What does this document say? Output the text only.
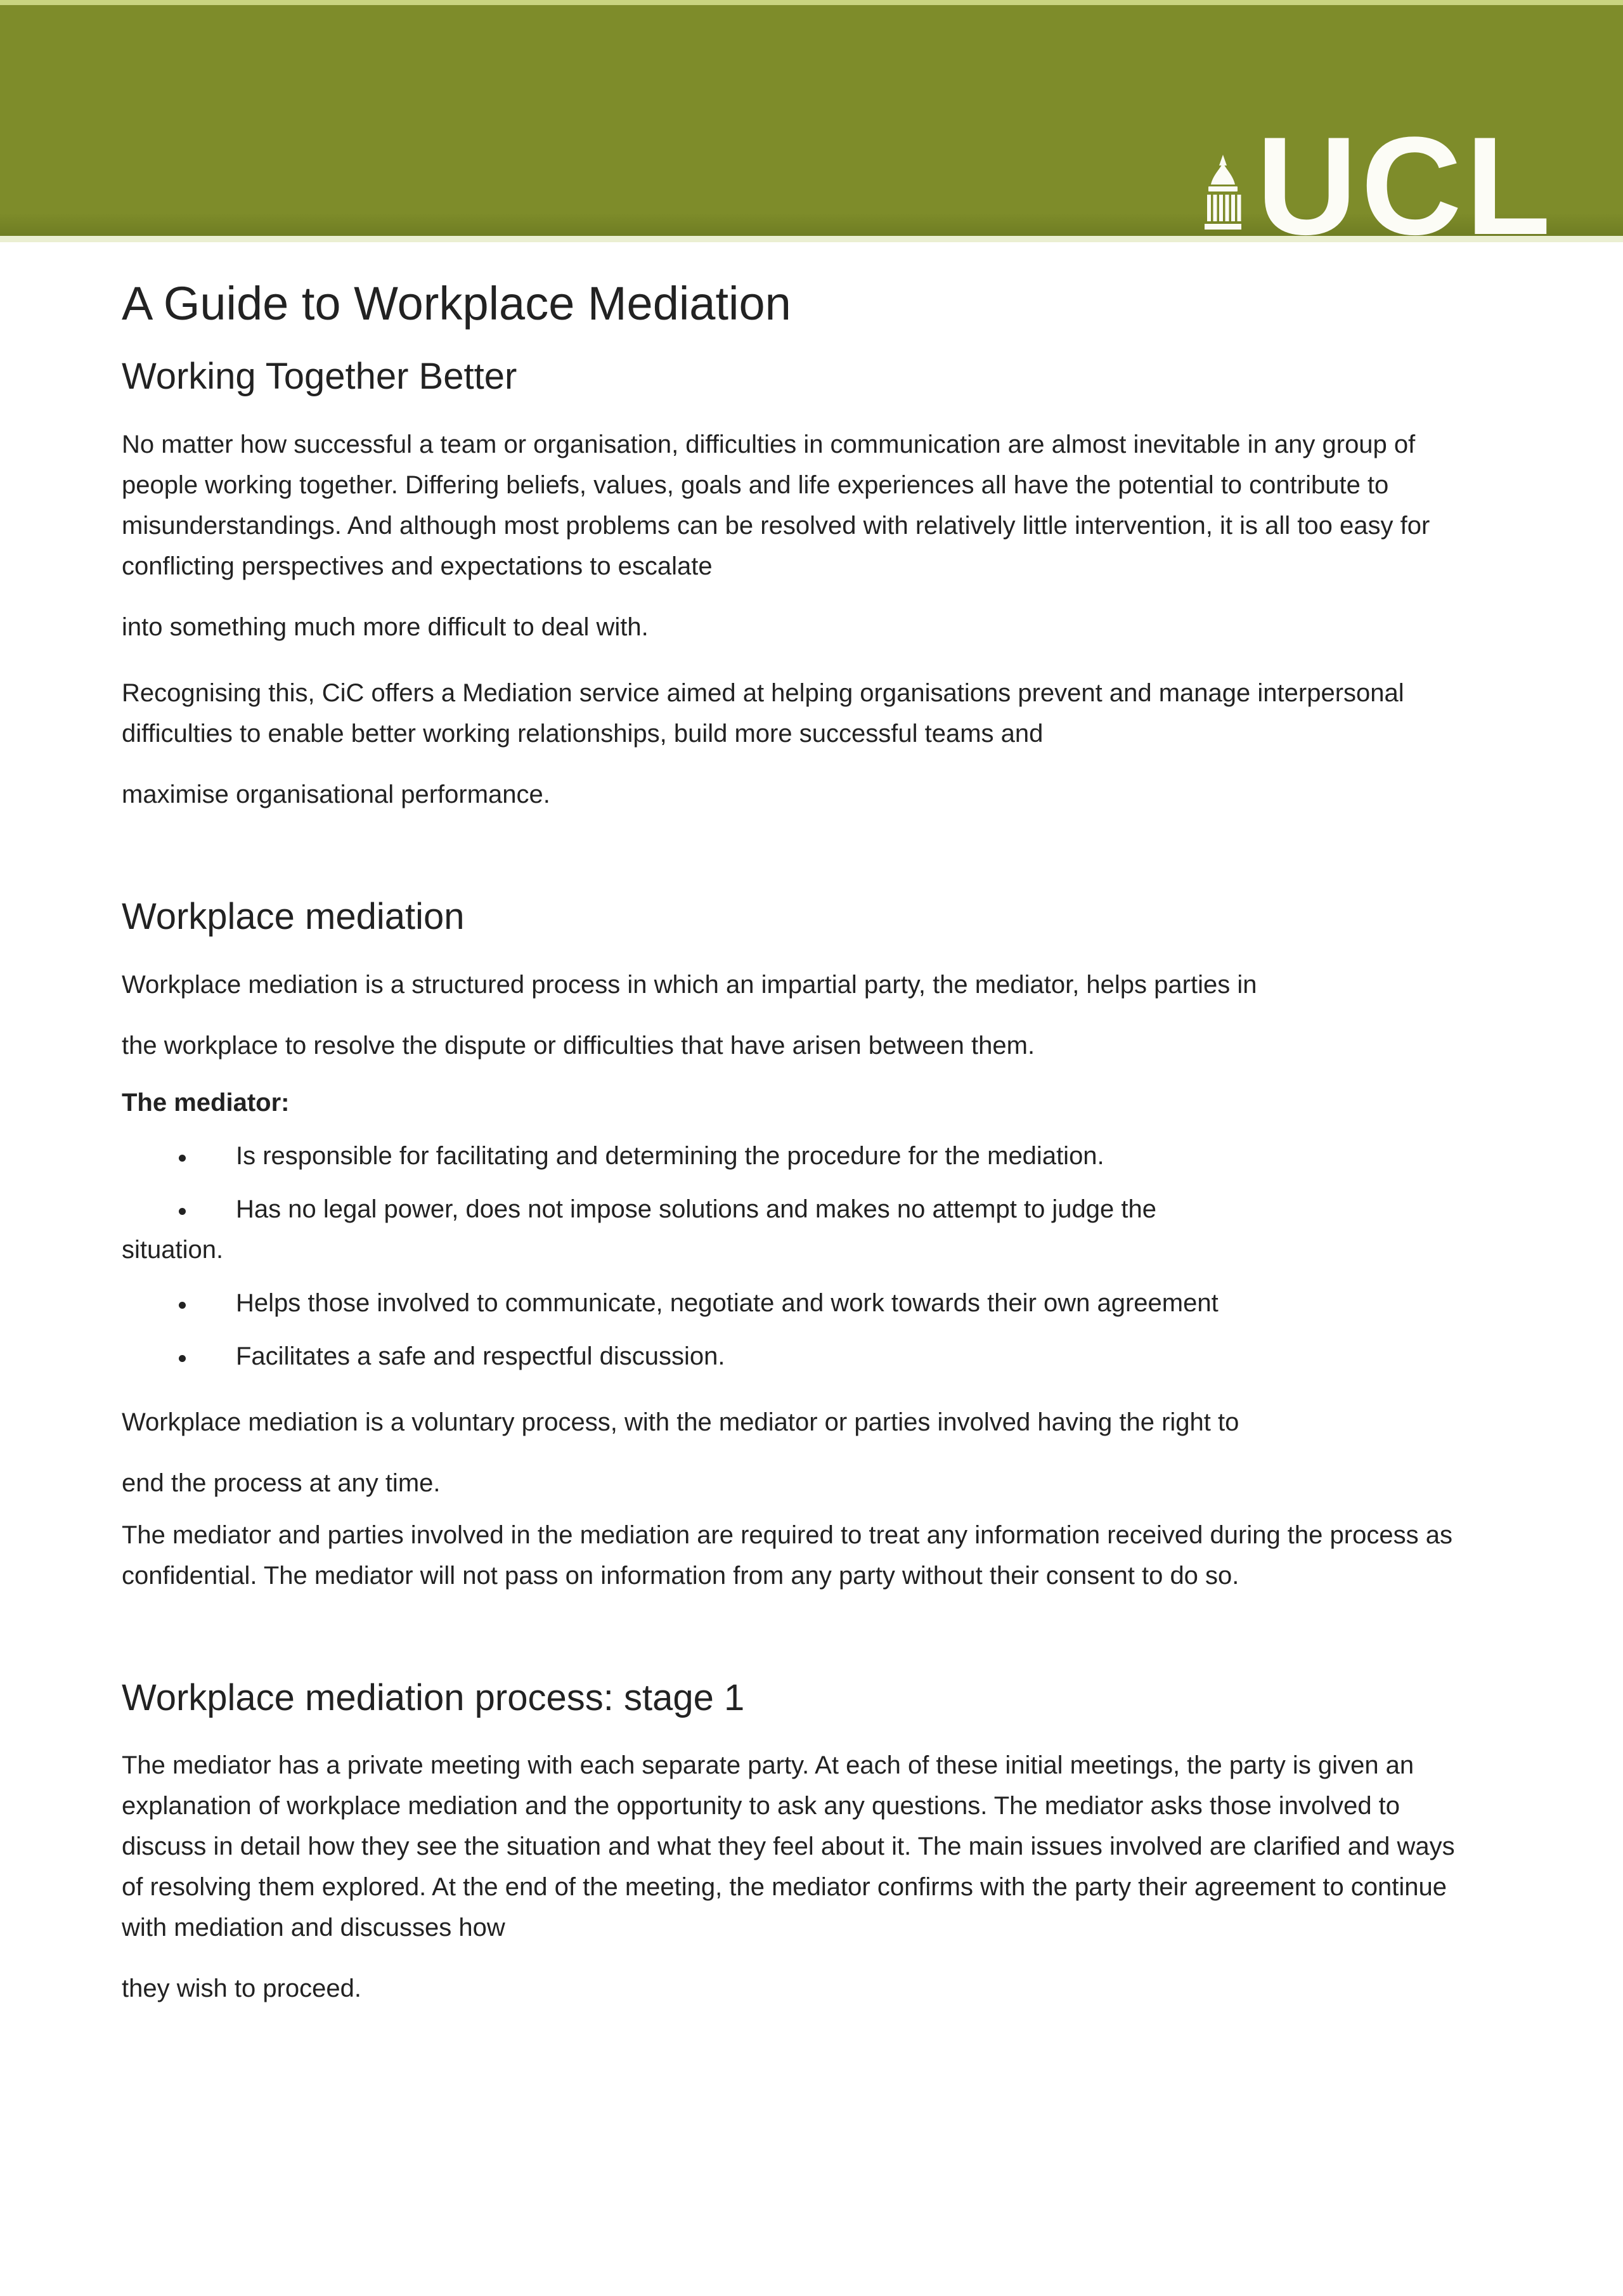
UCL
A Guide to Workplace Mediation
Working Together Better

No matter how successful a team or organisation, difficulties in communication are almost inevitable in any group of people working together. Differing beliefs, values, goals and life experiences all have the potential to contribute to misunderstandings. And although most problems can be resolved with relatively little intervention, it is all too easy for conflicting perspectives and expectations to escalate

into something much more difficult to deal with.

Recognising this, CiC offers a Mediation service aimed at helping organisations prevent and manage interpersonal difficulties to enable better working relationships, build more successful teams and

maximise organisational performance.

Workplace mediation

Workplace mediation is a structured process in which an impartial party, the mediator, helps parties in

the workplace to resolve the dispute or difficulties that have arisen between them.

The mediator:

Is responsible for facilitating and determining the procedure for the mediation.
Has no legal power, does not impose solutions and makes no attempt to judge the
situation.
Helps those involved to communicate, negotiate and work towards their own agreement
Facilitates a safe and respectful discussion.

Workplace mediation is a voluntary process, with the mediator or parties involved having the right to

end the process at any time.

The mediator and parties involved in the mediation are required to treat any information received during the process as confidential. The mediator will not pass on information from any party without their consent to do so.

Workplace mediation process: stage 1

The mediator has a private meeting with each separate party. At each of these initial meetings, the party is given an explanation of workplace mediation and the opportunity to ask any questions. The mediator asks those involved to discuss in detail how they see the situation and what they feel about it. The main issues involved are clarified and ways of resolving them explored. At the end of the meeting, the mediator confirms with the party their agreement to continue with mediation and discusses how

they wish to proceed.
